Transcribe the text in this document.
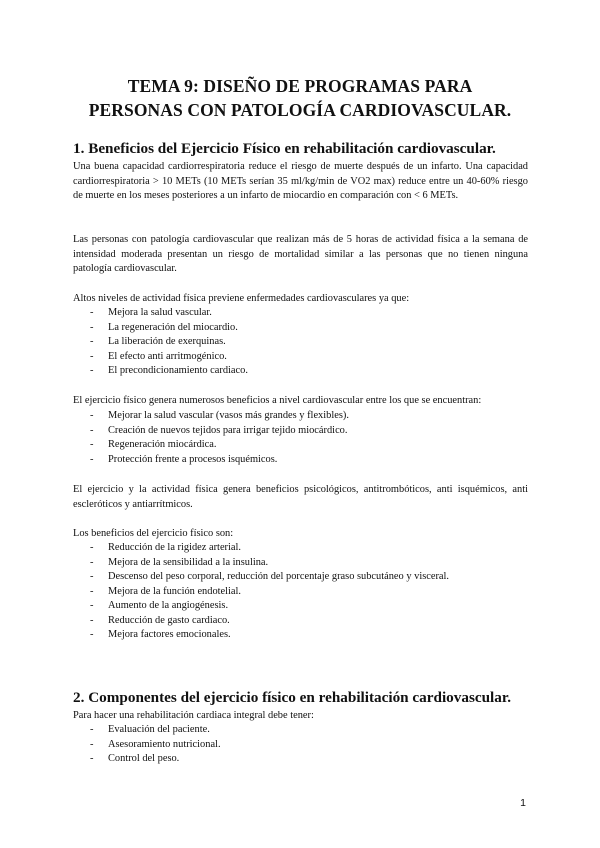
TEMA 9: DISEÑO DE PROGRAMAS PARA
PERSONAS CON PATOLOGÍA CARDIOVASCULAR.
1. Beneficios del Ejercicio Físico en rehabilitación cardiovascular.
Una buena capacidad cardiorrespiratoria reduce el riesgo de muerte después de un infarto. Una capacidad cardiorrespiratoria > 10 METs (10 METs serían 35 ml/kg/min de VO2 max) reduce entre un 40-60% riesgo de muerte en los meses posteriores a un infarto de miocardio en comparación con < 6 METs.
Las personas con patología cardiovascular que realizan más de 5 horas de actividad física a la semana de intensidad moderada presentan un riesgo de mortalidad similar a las personas que no tienen ninguna patología cardiovascular.
Altos niveles de actividad física previene enfermedades cardiovasculares ya que:
- Mejora la salud vascular.
- La regeneración del miocardio.
- La liberación de exerquinas.
- El efecto anti arritmogénico.
- El precondicionamiento cardiaco.
El ejercicio físico genera numerosos beneficios a nivel cardiovascular entre los que se encuentran:
- Mejorar la salud vascular (vasos más grandes y flexibles).
- Creación de nuevos tejidos para irrigar tejido miocárdico.
- Regeneración miocárdica.
- Protección frente a procesos isquémicos.
El ejercicio y la actividad física genera beneficios psicológicos, antitrombóticos, anti isquémicos, anti escleróticos y antiarrítmicos.
Los beneficios del ejercicio físico son:
- Reducción de la rigidez arterial.
- Mejora de la sensibilidad a la insulina.
- Descenso del peso corporal, reducción del porcentaje graso subcutáneo y visceral.
- Mejora de la función endotelial.
- Aumento de la angiogénesis.
- Reducción de gasto cardiaco.
- Mejora factores emocionales.
2. Componentes del ejercicio físico en rehabilitación cardiovascular.
Para hacer una rehabilitación cardiaca integral debe tener:
- Evaluación del paciente.
- Asesoramiento nutricional.
- Control del peso.
1
